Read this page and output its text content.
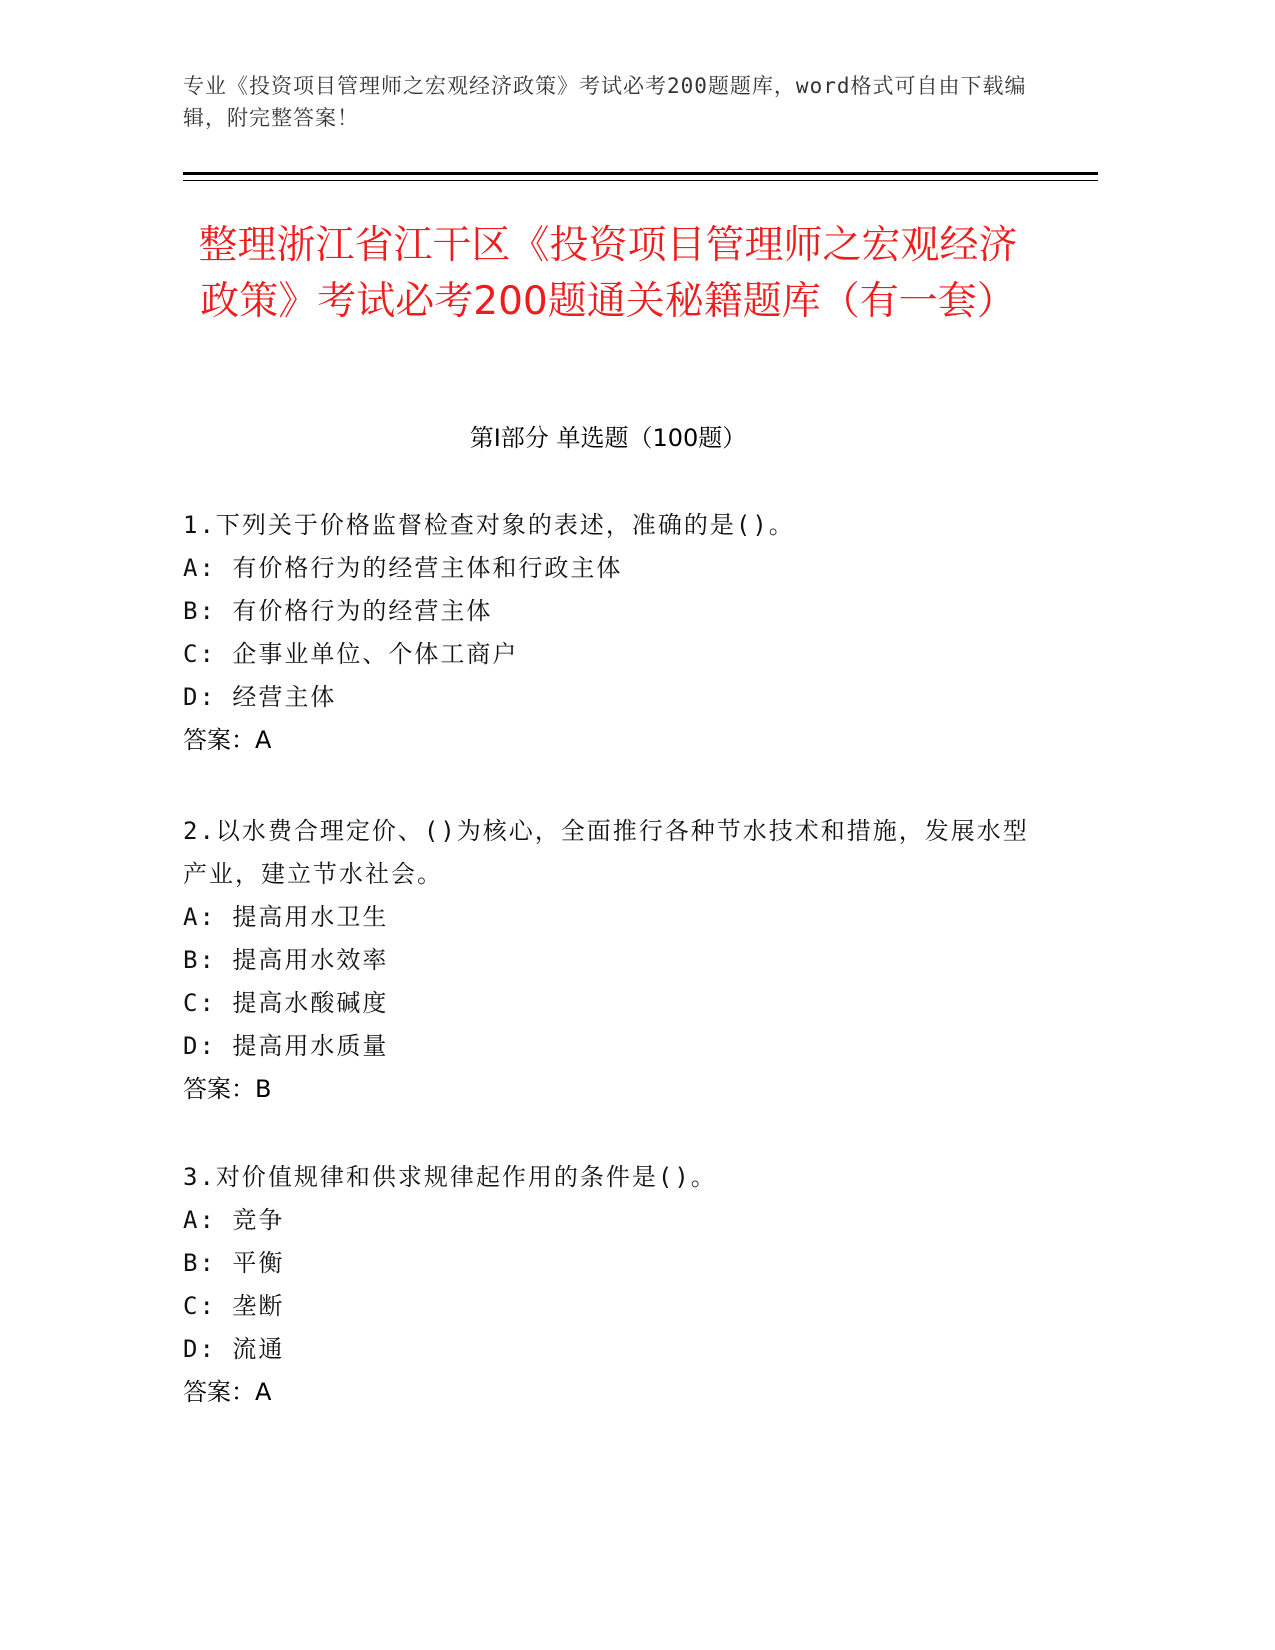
专业《投资项目管理师之宏观经济政策》考试必考200题题库，word格式可自由下载编辑，附完整答案！
整理浙江省江干区《投资项目管理师之宏观经济政策》考试必考200题通关秘籍题库（有一套）
第I部分 单选题（100题）
1.下列关于价格监督检查对象的表述，准确的是()。
A: 有价格行为的经营主体和行政主体
B: 有价格行为的经营主体
C: 企事业单位、个体工商户
D: 经营主体
答案：A
2.以水费合理定价、()为核心，全面推行各种节水技术和措施，发展水型产业，建立节水社会。
A: 提高用水卫生
B: 提高用水效率
C: 提高水酸碱度
D: 提高用水质量
答案：B
3.对价值规律和供求规律起作用的条件是()。
A: 竞争
B: 平衡
C: 垄断
D: 流通
答案：A
